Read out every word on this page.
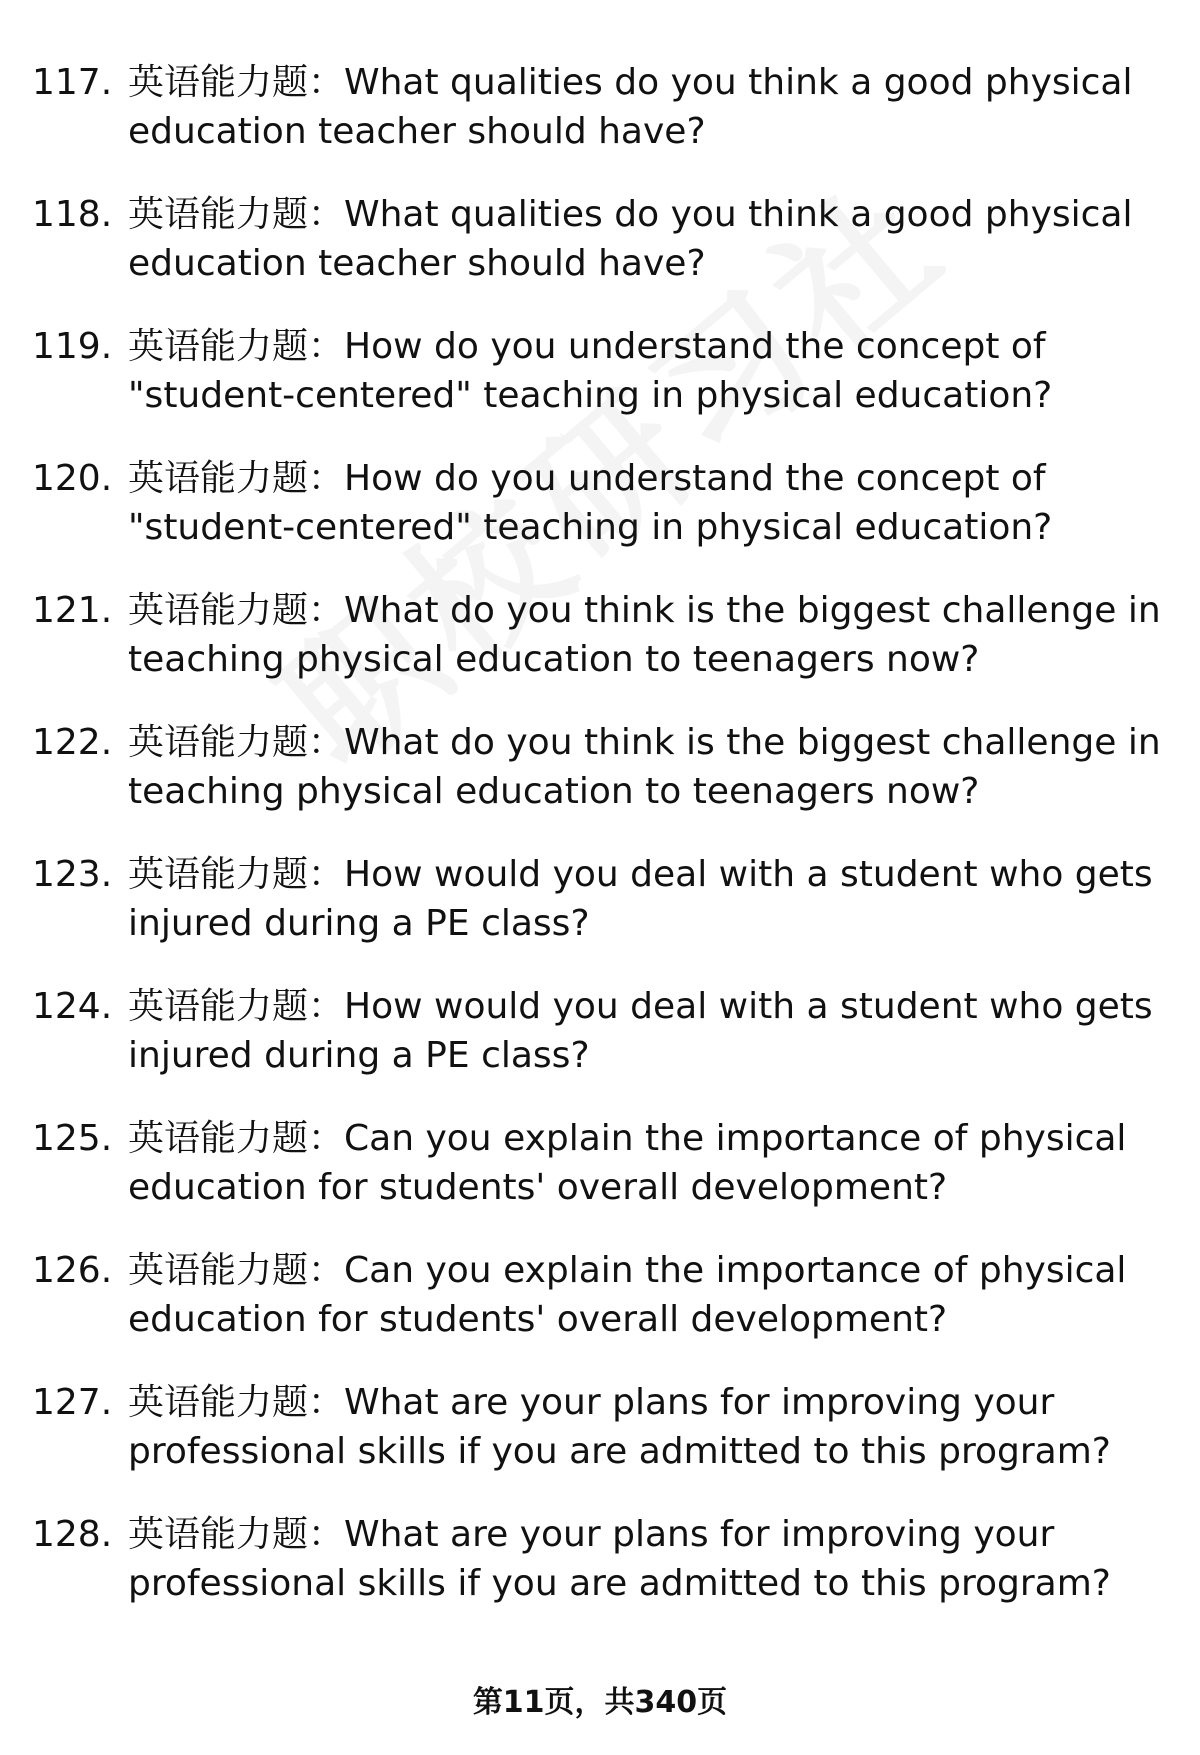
117. 英语能力题：What qualities do you think a good physical education teacher should have?
118. 英语能力题：What qualities do you think a good physical education teacher should have?
119. 英语能力题：How do you understand the concept of "student-centered" teaching in physical education?
120. 英语能力题：How do you understand the concept of "student-centered" teaching in physical education?
121. 英语能力题：What do you think is the biggest challenge in teaching physical education to teenagers now?
122. 英语能力题：What do you think is the biggest challenge in teaching physical education to teenagers now?
123. 英语能力题：How would you deal with a student who gets injured during a PE class?
124. 英语能力题：How would you deal with a student who gets injured during a PE class?
125. 英语能力题：Can you explain the importance of physical education for students' overall development?
126. 英语能力题：Can you explain the importance of physical education for students' overall development?
127. 英语能力题：What are your plans for improving your professional skills if you are admitted to this program?
128. 英语能力题：What are your plans for improving your professional skills if you are admitted to this program?
第11页，共340页
